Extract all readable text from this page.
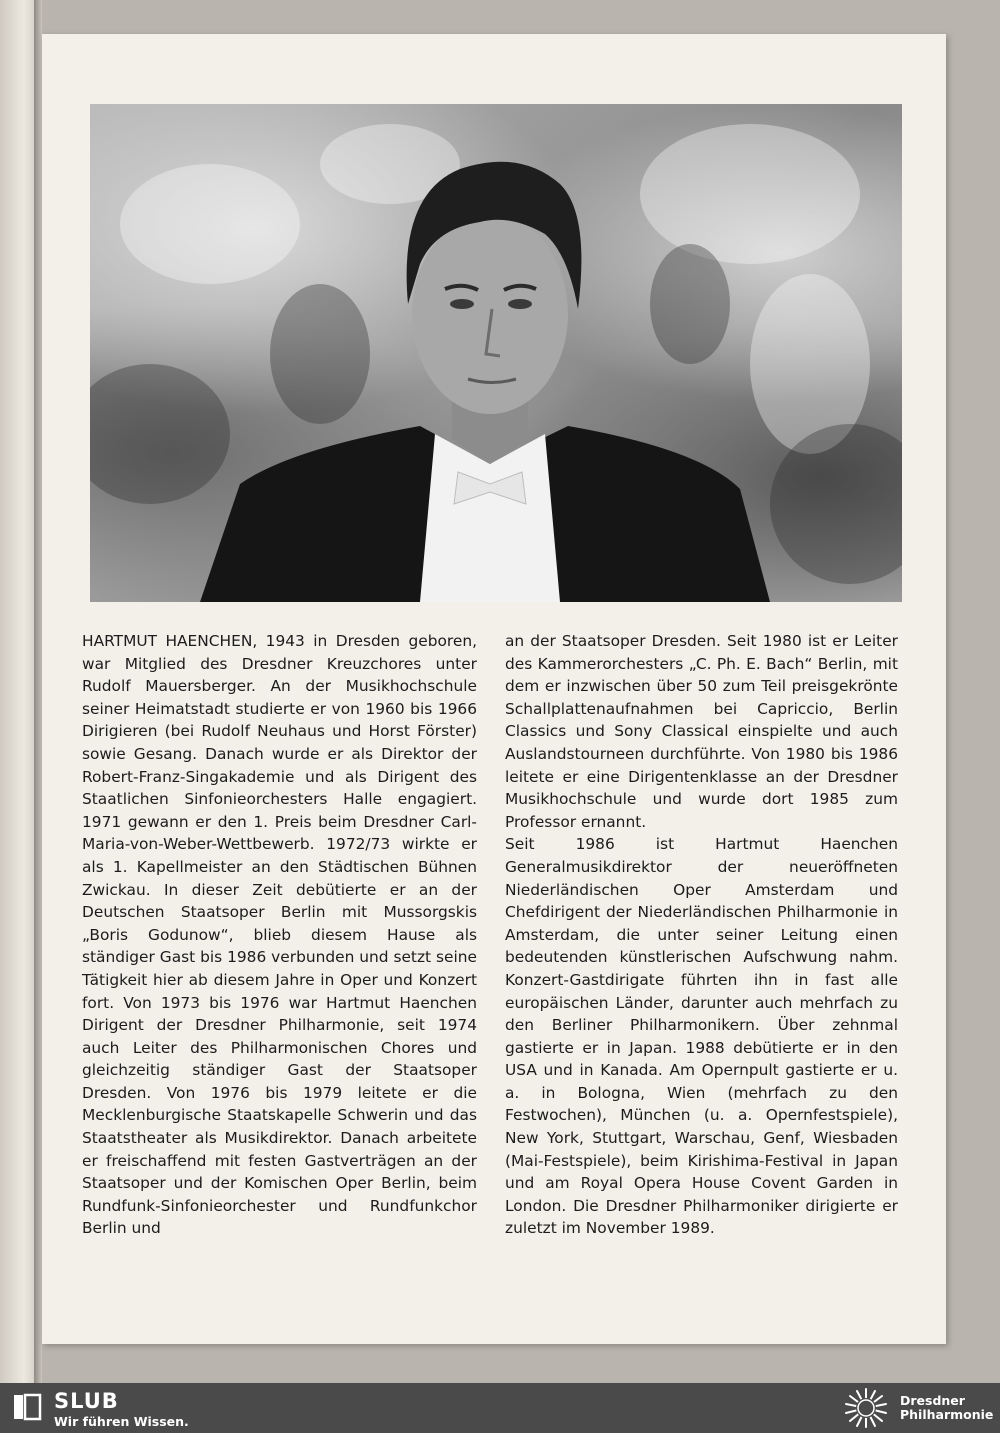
HARTMUT HAENCHEN, 1943 in Dresden geboren, war Mitglied des Dresdner Kreuzchores unter Rudolf Mauersberger. An der Musikhochschule seiner Heimatstadt studierte er von 1960 bis 1966 Dirigieren (bei Rudolf Neuhaus und Horst Förster) sowie Gesang. Danach wurde er als Direktor der Robert-Franz-Singakademie und als Dirigent des Staatlichen Sinfonieorchesters Halle engagiert. 1971 gewann er den 1. Preis beim Dresdner Carl-Maria-von-Weber-Wettbewerb. 1972/73 wirkte er als 1. Kapellmeister an den Städtischen Bühnen Zwickau. In dieser Zeit debütierte er an der Deutschen Staatsoper Berlin mit Mussorgskis „Boris Godunow“, blieb diesem Hause als ständiger Gast bis 1986 verbunden und setzt seine Tätigkeit hier ab diesem Jahre in Oper und Konzert fort. Von 1973 bis 1976 war Hartmut Haenchen Dirigent der Dresdner Philharmonie, seit 1974 auch Leiter des Philharmonischen Chores und gleichzeitig ständiger Gast der Staatsoper Dresden. Von 1976 bis 1979 leitete er die Mecklenburgische Staatskapelle Schwerin und das Staatstheater als Musikdirektor. Danach arbeitete er freischaffend mit festen Gastverträgen an der Staatsoper und der Komischen Oper Berlin, beim Rundfunk-Sinfonieorchester und Rundfunkchor Berlin und

an der Staatsoper Dresden. Seit 1980 ist er Leiter des Kammerorchesters „C. Ph. E. Bach“ Berlin, mit dem er inzwischen über 50 zum Teil preisgekrönte Schallplattenaufnahmen bei Capriccio, Berlin Classics und Sony Classical einspielte und auch Auslandstourneen durchführte. Von 1980 bis 1986 leitete er eine Dirigentenklasse an der Dresdner Musikhochschule und wurde dort 1985 zum Professor ernannt.

Seit 1986 ist Hartmut Haenchen Generalmusikdirektor der neueröffneten Niederländischen Oper Amsterdam und Chefdirigent der Niederländischen Philharmonie in Amsterdam, die unter seiner Leitung einen bedeutenden künstlerischen Aufschwung nahm. Konzert-Gastdirigate führten ihn in fast alle europäischen Länder, darunter auch mehrfach zu den Berliner Philharmonikern. Über zehnmal gastierte er in Japan. 1988 debütierte er in den USA und in Kanada. Am Opernpult gastierte er u. a. in Bologna, Wien (mehrfach zu den Festwochen), München (u. a. Opernfestspiele), New York, Stuttgart, Warschau, Genf, Wiesbaden (Mai-Festspiele), beim Kirishima-Festival in Japan und am Royal Opera House Covent Garden in London. Die Dresdner Philharmoniker dirigierte er zuletzt im November 1989.

SLUB
Wir führen Wissen.
Dresdner
Philharmonie
